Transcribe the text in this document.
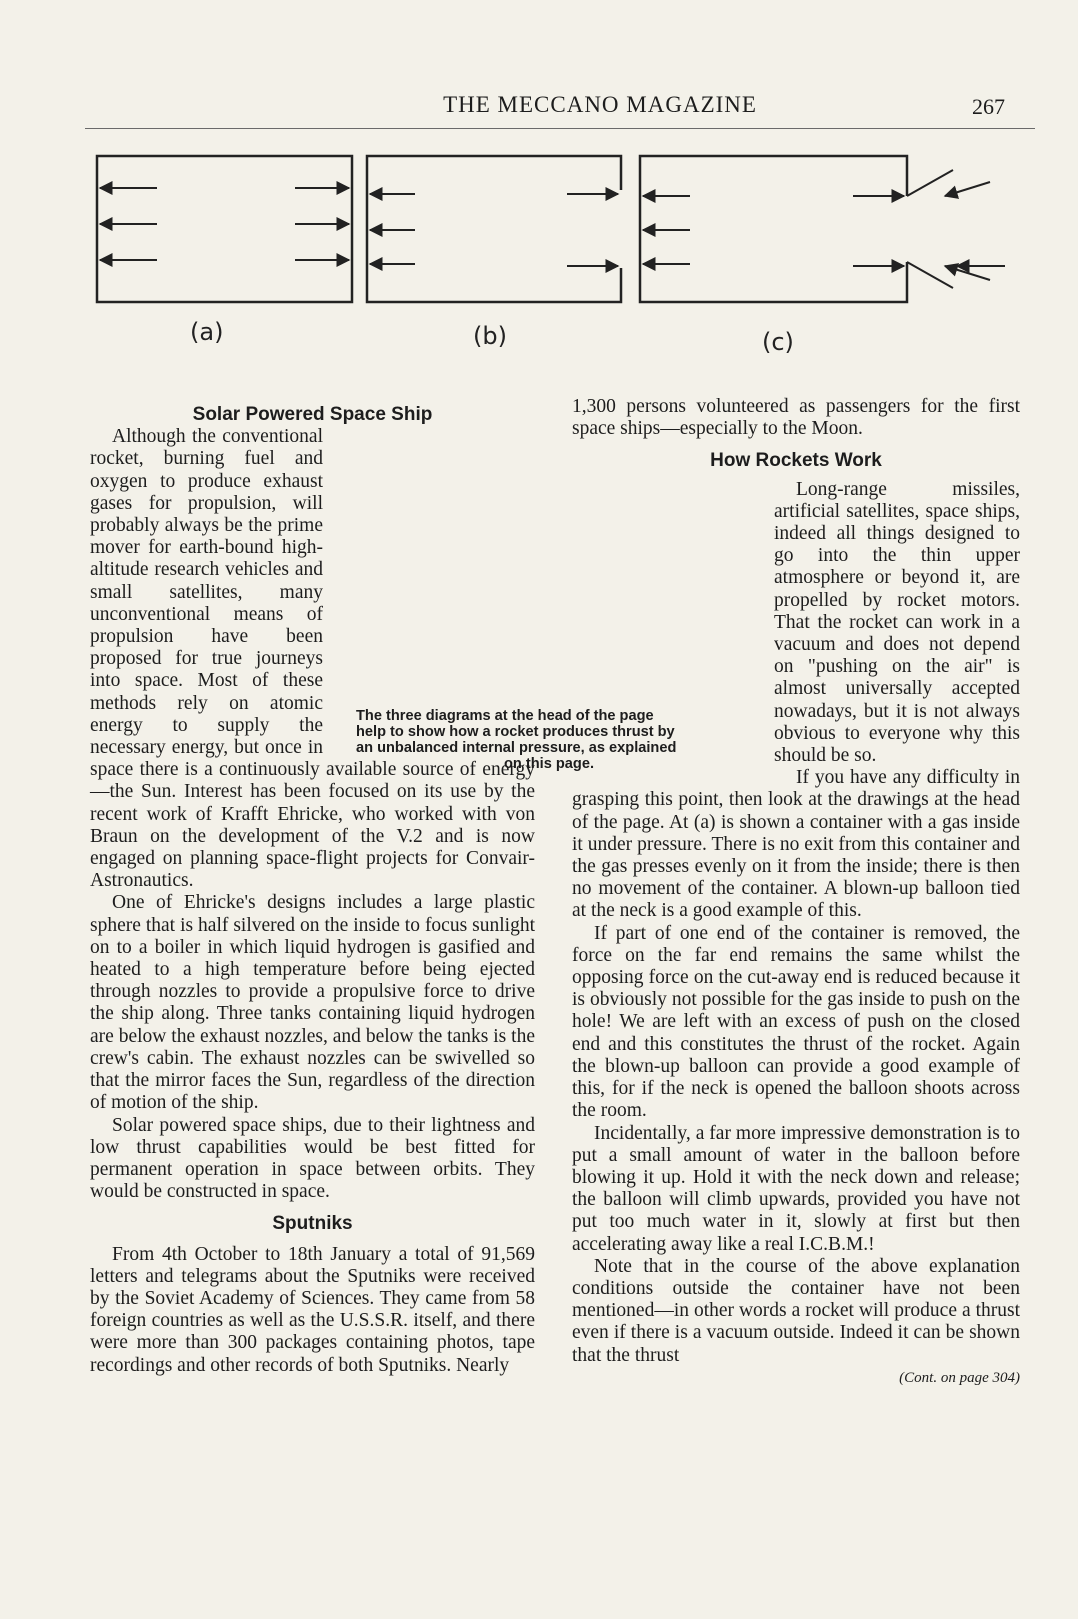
THE MECCANO MAGAZINE	267
(a)	(b)	(c)
The three diagrams at the head of the page
help to show how a rocket produces thrust by
an unbalanced internal pressure, as explained
on this page.
Solar Powered Space Ship

Although the conventional rocket, burning fuel and oxygen to produce exhaust gases for propulsion, will probably always be the prime mover for earth-bound high-altitude research vehicles and small satellites, many unconventional means of propulsion have been proposed for true journeys into space. Most of these methods rely on atomic energy to supply the necessary energy, but once in space there is a continuously available source of energy—the Sun. Interest has been focused on its use by the recent work of Krafft Ehricke, who worked with von Braun on the development of the V.2 and is now engaged on planning space-flight projects for Convair-Astronautics.

One of Ehricke's designs includes a large plastic sphere that is half silvered on the inside to focus sunlight on to a boiler in which liquid hydrogen is gasified and heated to a high temperature before being ejected through nozzles to provide a propulsive force to drive the ship along. Three tanks containing liquid hydrogen are below the exhaust nozzles, and below the tanks is the crew's cabin. The exhaust nozzles can be swivelled so that the mirror faces the Sun, regardless of the direction of motion of the ship.

Solar powered space ships, due to their lightness and low thrust capabilities would be best fitted for permanent operation in space between orbits. They would be constructed in space.

Sputniks

From 4th October to 18th January a total of 91,569 letters and telegrams about the Sputniks were received by the Soviet Academy of Sciences. They came from 58 foreign countries as well as the U.S.S.R. itself, and there were more than 300 packages containing photos, tape recordings and other records of both Sputniks. Nearly

1,300 persons volunteered as passengers for the first space ships—especially to the Moon.

How Rockets Work

Long-range missiles, artificial satellites, space ships, indeed all things designed to go into the thin upper atmosphere or beyond it, are propelled by rocket motors. That the rocket can work in a vacuum and does not depend on "pushing on the air" is almost universally accepted nowadays, but it is not always obvious to everyone why this should be so.

If you have any difficulty in grasping this point, then look at the drawings at the head of the page. At (a) is shown a container with a gas inside it under pressure. There is no exit from this container and the gas presses evenly on it from the inside; there is then no movement of the container. A blown-up balloon tied at the neck is a good example of this.

If part of one end of the container is removed, the force on the far end remains the same whilst the opposing force on the cut-away end is reduced because it is obviously not possible for the gas inside to push on the hole! We are left with an excess of push on the closed end and this constitutes the thrust of the rocket. Again the blown-up balloon can provide a good example of this, for if the neck is opened the balloon shoots across the room.

Incidentally, a far more impressive demonstration is to put a small amount of water in the balloon before blowing it up. Hold it with the neck down and release; the balloon will climb upwards, provided you have not put too much water in it, slowly at first but then accelerating away like a real I.C.B.M.!

Note that in the course of the above explanation conditions outside the container have not been mentioned—in other words a rocket will produce a thrust even if there is a vacuum outside. Indeed it can be shown that the thrust

(Cont. on page 304)
